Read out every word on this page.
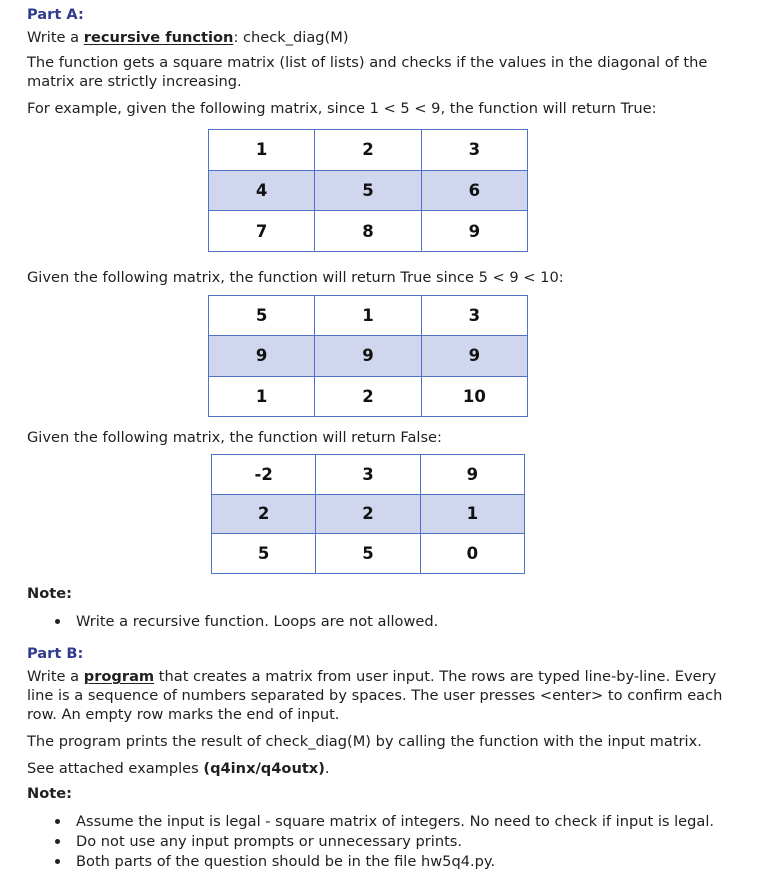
Part A:
Write a recursive function: check_diag(M)
The function gets a square matrix (list of lists) and checks if the values in the diagonal of the
matrix are strictly increasing.
For example, given the following matrix, since 1 < 5 < 9, the function will return True:
1	2	3
4	5	6
7	8	9
Given the following matrix, the function will return True since 5 < 9 < 10:
5	1	3
9	9	9
1	2	10
Given the following matrix, the function will return False:
-2	3	9
2	2	1
5	5	0
Note:
Write a recursive function. Loops are not allowed.
Part B:
Write a program that creates a matrix from user input. The rows are typed line-by-line. Every
line is a sequence of numbers separated by spaces. The user presses <enter> to confirm each
row. An empty row marks the end of input.
The program prints the result of check_diag(M) by calling the function with the input matrix.
See attached examples (q4inx/q4outx).
Note:
Assume the input is legal - square matrix of integers. No need to check if input is legal.
Do not use any input prompts or unnecessary prints.
Both parts of the question should be in the file hw5q4.py.
